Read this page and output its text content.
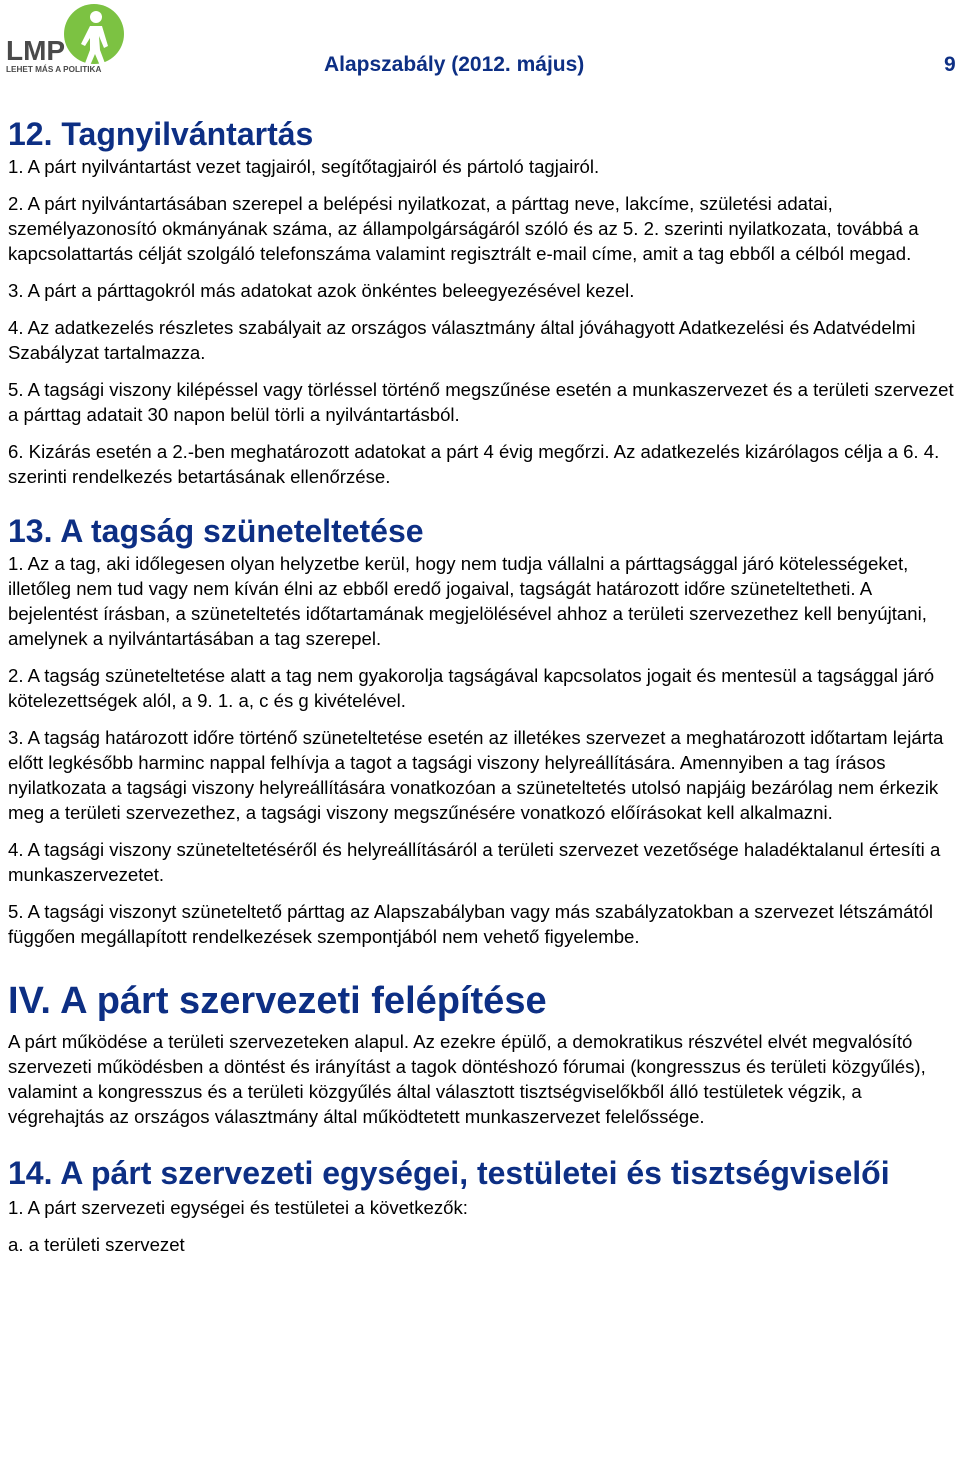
LMP
LEHET MÁS A POLITIKA	Alapszabály (2012. május)	9
12. Tagnyilvántartás

1. A párt nyilvántartást vezet tagjairól, segítőtagjairól és pártoló tagjairól.

2. A párt nyilvántartásában szerepel a belépési nyilatkozat, a párttag neve, lakcíme, születési adatai, személyazonosító okmányának száma, az állampolgárságáról szóló és az 5. 2. szerinti nyilatkozata, továbbá a kapcsolattartás célját szolgáló telefonszáma valamint regisztrált e-mail címe, amit a tag ebből a célból megad.

3. A párt a párttagokról más adatokat azok önkéntes beleegyezésével kezel.

4. Az adatkezelés részletes szabályait az országos választmány által jóváhagyott Adatkezelési és Adatvédelmi Szabályzat tartalmazza.

5. A tagsági viszony kilépéssel vagy törléssel történő megszűnése esetén a munkaszervezet és a területi szervezet a párttag adatait 30 napon belül törli a nyilvántartásból.

6. Kizárás esetén a 2.-ben meghatározott adatokat a párt 4 évig megőrzi. Az adatkezelés kizárólagos célja a 6. 4. szerinti rendelkezés betartásának ellenőrzése.

13. A tagság szüneteltetése

1. Az a tag, aki időlegesen olyan helyzetbe kerül, hogy nem tudja vállalni a párttagsággal járó kötelességeket, illetőleg nem tud vagy nem kíván élni az ebből eredő jogaival, tagságát határozott időre szüneteltetheti. A bejelentést írásban, a szüneteltetés időtartamának megjelölésével ahhoz a területi szervezethez kell benyújtani, amelynek a nyilvántartásában a tag szerepel.

2. A tagság szüneteltetése alatt a tag nem gyakorolja tagságával kapcsolatos jogait és mentesül a tagsággal járó kötelezettségek alól, a 9. 1. a, c és g kivételével.

3. A tagság határozott időre történő szüneteltetése esetén az illetékes szervezet a meghatározott időtartam lejárta előtt legkésőbb harminc nappal felhívja a tagot a tagsági viszony helyreállítására. Amennyiben a tag írásos nyilatkozata a tagsági viszony helyreállítására vonatkozóan a szüneteltetés utolsó napjáig bezárólag nem érkezik meg a területi szervezethez, a tagsági viszony megszűnésére vonatkozó előírásokat kell alkalmazni.

4. A tagsági viszony szüneteltetéséről és helyreállításáról a területi szervezet vezetősége haladéktalanul értesíti a munkaszervezetet.

5. A tagsági viszonyt szüneteltető párttag az Alapszabályban vagy más szabályzatokban a szervezet létszámától függően megállapított rendelkezések szempontjából nem vehető figyelembe.

IV. A párt szervezeti felépítése

A párt működése a területi szervezeteken alapul. Az ezekre épülő, a demokratikus részvétel elvét megvalósító szervezeti működésben a döntést és irányítást a tagok döntéshozó fórumai (kongresszus és területi közgyűlés), valamint a kongresszus és a területi közgyűlés által választott tisztségviselőkből álló testületek végzik, a végrehajtás az országos választmány által működtetett munkaszervezet felelőssége.

14. A párt szervezeti egységei, testületei és tisztségviselői

1. A párt szervezeti egységei és testületei a következők:

a. a területi szervezet
